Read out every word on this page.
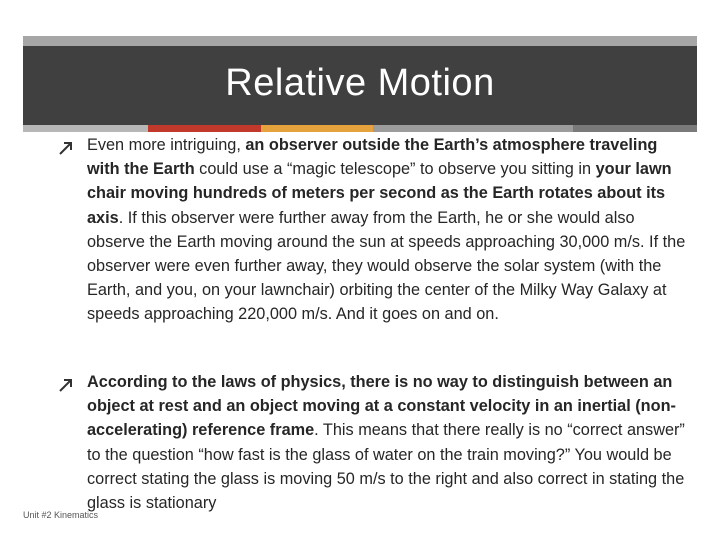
Relative Motion
Even more intriguing, an observer outside the Earth’s atmosphere traveling with the Earth could use a “magic telescope” to observe you sitting in your lawn chair moving hundreds of meters per second as the Earth rotates about its axis. If this observer were further away from the Earth, he or she would also observe the Earth moving around the sun at speeds approaching 30,000 m/s. If the observer were even further away, they would observe the solar system (with the Earth, and you, on your lawnchair) orbiting the center of the Milky Way Galaxy at speeds approaching 220,000 m/s. And it goes on and on.
According to the laws of physics, there is no way to distinguish between an object at rest and an object moving at a constant velocity in an inertial (non-accelerating) reference frame. This means that there really is no “correct answer” to the question “how fast is the glass of water on the train moving?” You would be correct stating the glass is moving 50 m/s to the right and also correct in stating the glass is stationary
Unit #2 Kinematics
